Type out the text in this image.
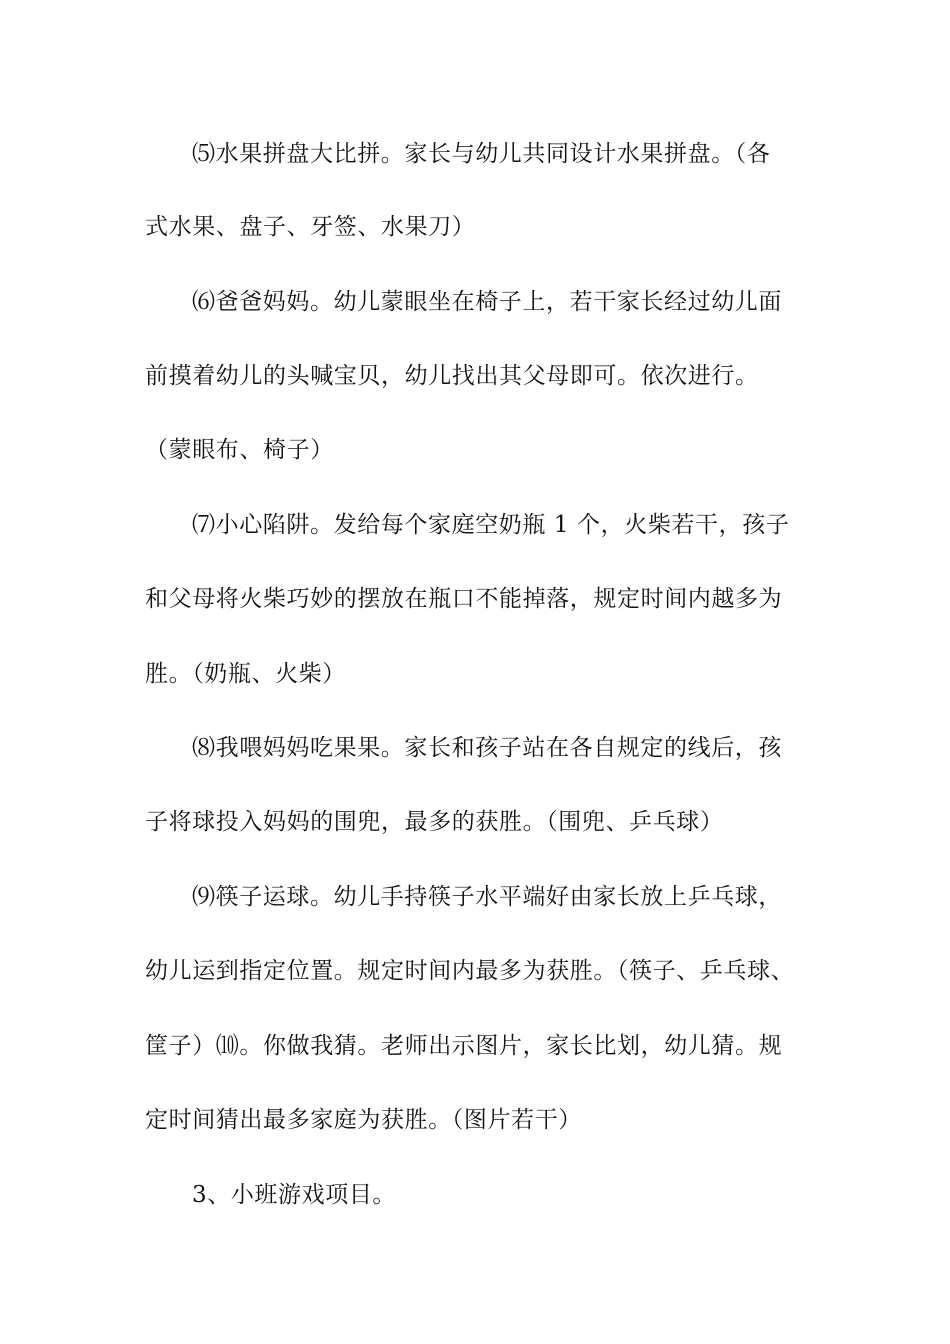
⑸水果拼盘大比拼。家长与幼儿共同设计水果拼盘。（各
式水果、盘子、牙签、水果刀）
⑹爸爸妈妈。幼儿蒙眼坐在椅子上，若干家长经过幼儿面
前摸着幼儿的头喊宝贝，幼儿找出其父母即可。依次进行。
（蒙眼布、椅子）
⑺小心陷阱。发给每个家庭空奶瓶 1 个，火柴若干，孩子
和父母将火柴巧妙的摆放在瓶口不能掉落，规定时间内越多为
胜。（奶瓶、火柴）
⑻我喂妈妈吃果果。家长和孩子站在各自规定的线后，孩
子将球投入妈妈的围兜，最多的获胜。（围兜、乒乓球）
⑼筷子运球。幼儿手持筷子水平端好由家长放上乒乓球，
幼儿运到指定位置。规定时间内最多为获胜。（筷子、乒乓球、
筐子）⑽。你做我猜。老师出示图片，家长比划，幼儿猜。规
定时间猜出最多家庭为获胜。（图片若干）
3、小班游戏项目。
